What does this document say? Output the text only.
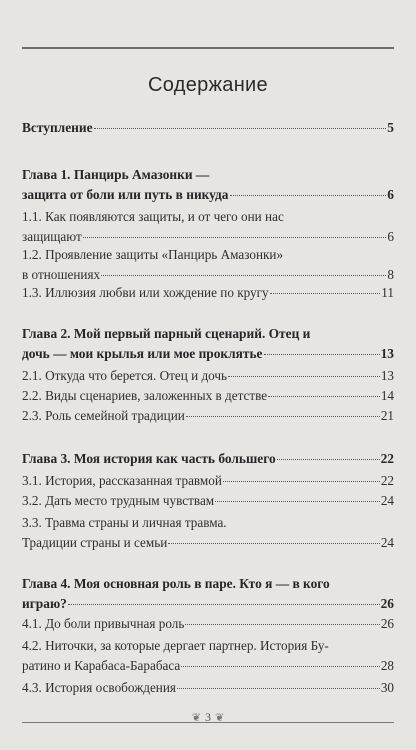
Содержание
Вступление	5
Глава 1. Панцирь Амазонки —
защита от боли или путь в никуда	6
1.1. Как появляются защиты, и от чего они нас
защищают	6
1.2. Проявление защиты «Панцирь Амазонки»
в отношениях	8
1.3. Иллюзия любви или хождение по кругу	11
Глава 2. Мой первый парный сценарий. Отец и
дочь — мои крылья или мое проклятье	13
2.1. Откуда что берется. Отец и дочь	13
2.2. Виды сценариев, заложенных в детстве	14
2.3. Роль семейной традиции	21
Глава 3. Моя история как часть большего	22
3.1. История, рассказанная травмой	22
3.2. Дать место трудным чувствам	24
3.3. Травма страны и личная травма.
Традиции страны и семьи	24
Глава 4. Моя основная роль в паре. Кто я — в кого
играю?	26
4.1. До боли привычная роль	26
4.2. Ниточки, за которые дергает партнер. История Бу-
ратино и Карабаса-Барабаса	28
4.3. История освобождения	30
❦ 3 ❦
